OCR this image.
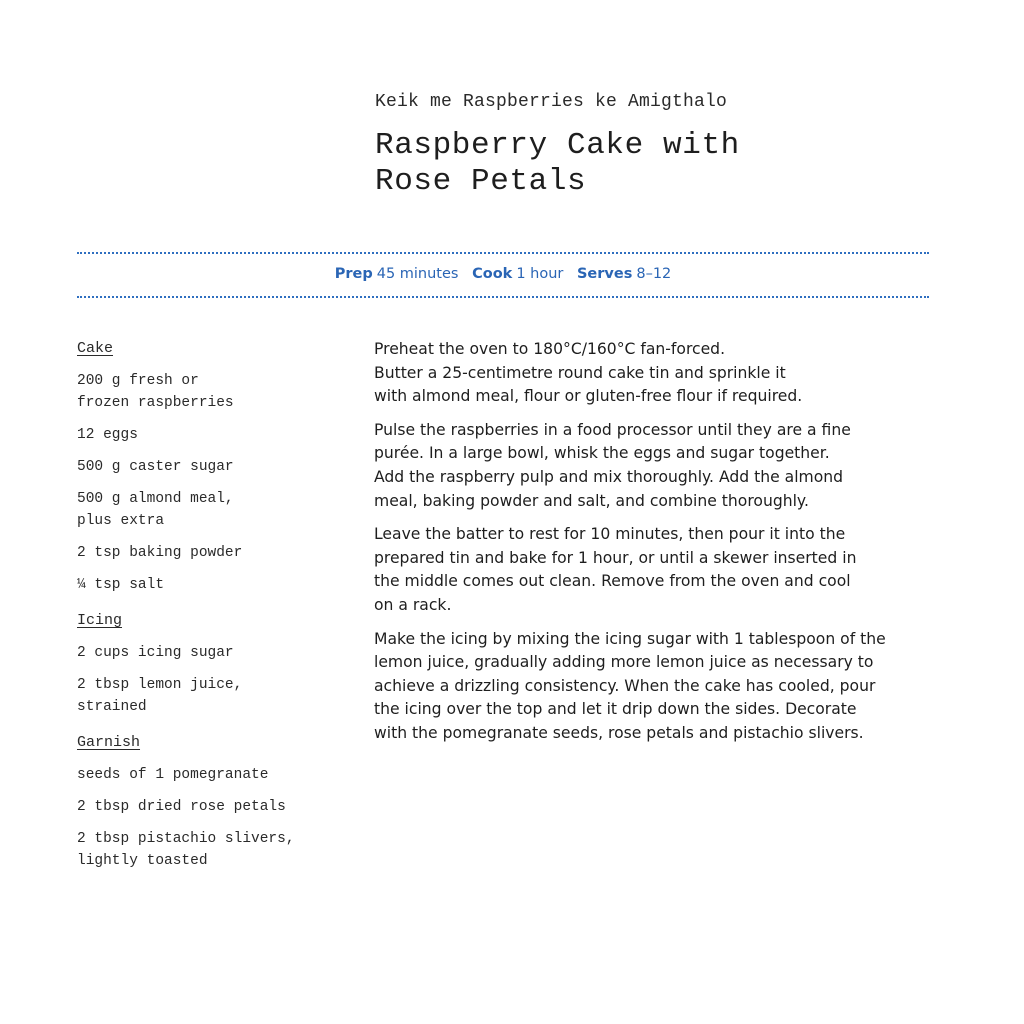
Keik me Raspberries ke Amigthalo
Raspberry Cake with
Rose Petals
Prep 45 minutes Cook 1 hour Serves 8–12
Cake
200 g fresh or
frozen raspberries
12 eggs
500 g caster sugar
500 g almond meal,
plus extra
2 tsp baking powder
¼ tsp salt
Icing
2 cups icing sugar
2 tbsp lemon juice,
strained
Garnish
seeds of 1 pomegranate
2 tbsp dried rose petals
2 tbsp pistachio slivers,
lightly toasted

Preheat the oven to 180°C/160°C fan-forced.
Butter a 25-centimetre round cake tin and sprinkle it
with almond meal, flour or gluten-free flour if required.

Pulse the raspberries in a food processor until they are a fine
purée. In a large bowl, whisk the eggs and sugar together.
Add the raspberry pulp and mix thoroughly. Add the almond
meal, baking powder and salt, and combine thoroughly.

Leave the batter to rest for 10 minutes, then pour it into the
prepared tin and bake for 1 hour, or until a skewer inserted in
the middle comes out clean. Remove from the oven and cool
on a rack.

Make the icing by mixing the icing sugar with 1 tablespoon of the
lemon juice, gradually adding more lemon juice as necessary to
achieve a drizzling consistency. When the cake has cooled, pour
the icing over the top and let it drip down the sides. Decorate
with the pomegranate seeds, rose petals and pistachio slivers.
